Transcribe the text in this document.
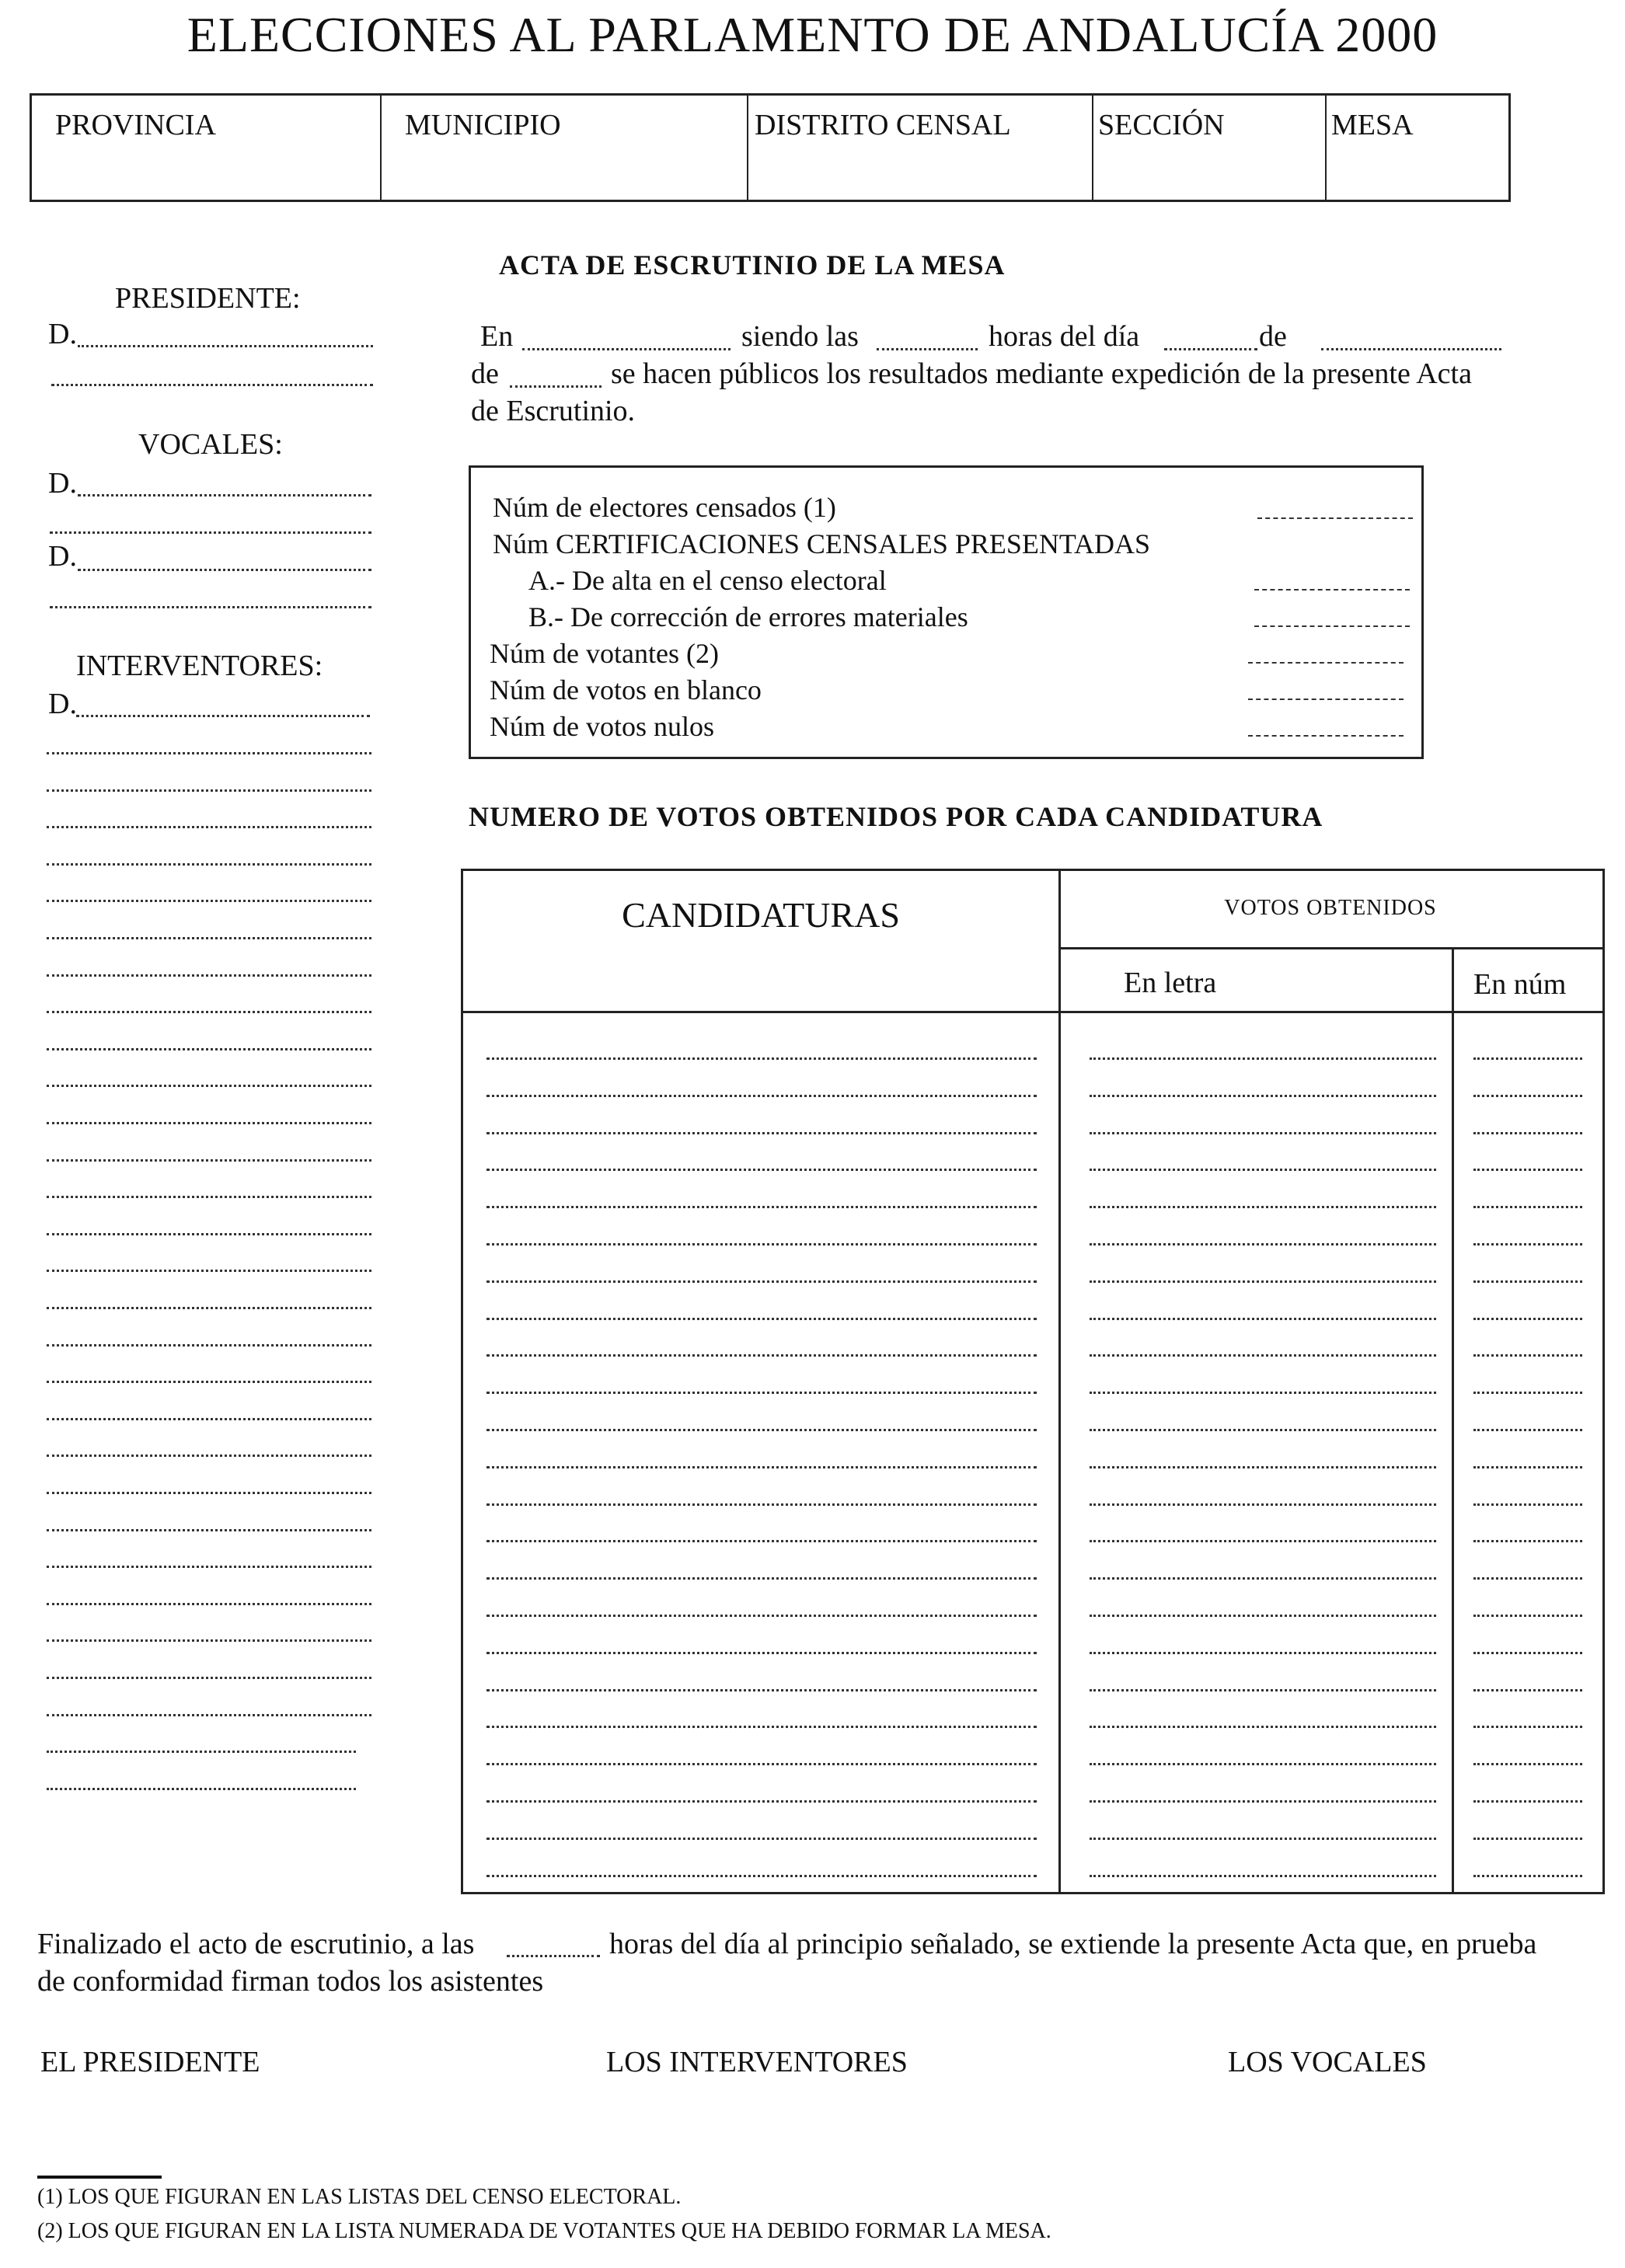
ELECCIONES AL PARLAMENTO DE ANDALUCÍA 2000
PROVINCIA	MUNICIPIO	DISTRITO CENSAL	SECCIÓN	MESA
PRESIDENTE:
D.
VOCALES:
D.
D.
INTERVENTORES:
D.
ACTA DE ESCRUTINIO DE LA MESA
En	siendo las	horas del día	de
de	se hacen públicos los resultados mediante expedición de la presente Acta
de Escrutinio.
Núm de electores censados (1)
Núm CERTIFICACIONES CENSALES PRESENTADAS
A.- De alta en el censo electoral
B.- De corrección de errores materiales
Núm de votantes (2)
Núm de votos en blanco
Núm de votos nulos
NUMERO DE VOTOS OBTENIDOS POR CADA CANDIDATURA
CANDIDATURAS	VOTOS OBTENIDOS
En letra	En núm
Finalizado el acto de escrutinio, a las	horas del día al principio señalado, se extiende la presente Acta que, en prueba
de conformidad firman todos los asistentes
EL PRESIDENTE	LOS INTERVENTORES	LOS VOCALES
(1) LOS QUE FIGURAN EN LAS LISTAS DEL CENSO ELECTORAL.
(2) LOS QUE FIGURAN EN LA LISTA NUMERADA DE VOTANTES QUE HA DEBIDO FORMAR LA MESA.
